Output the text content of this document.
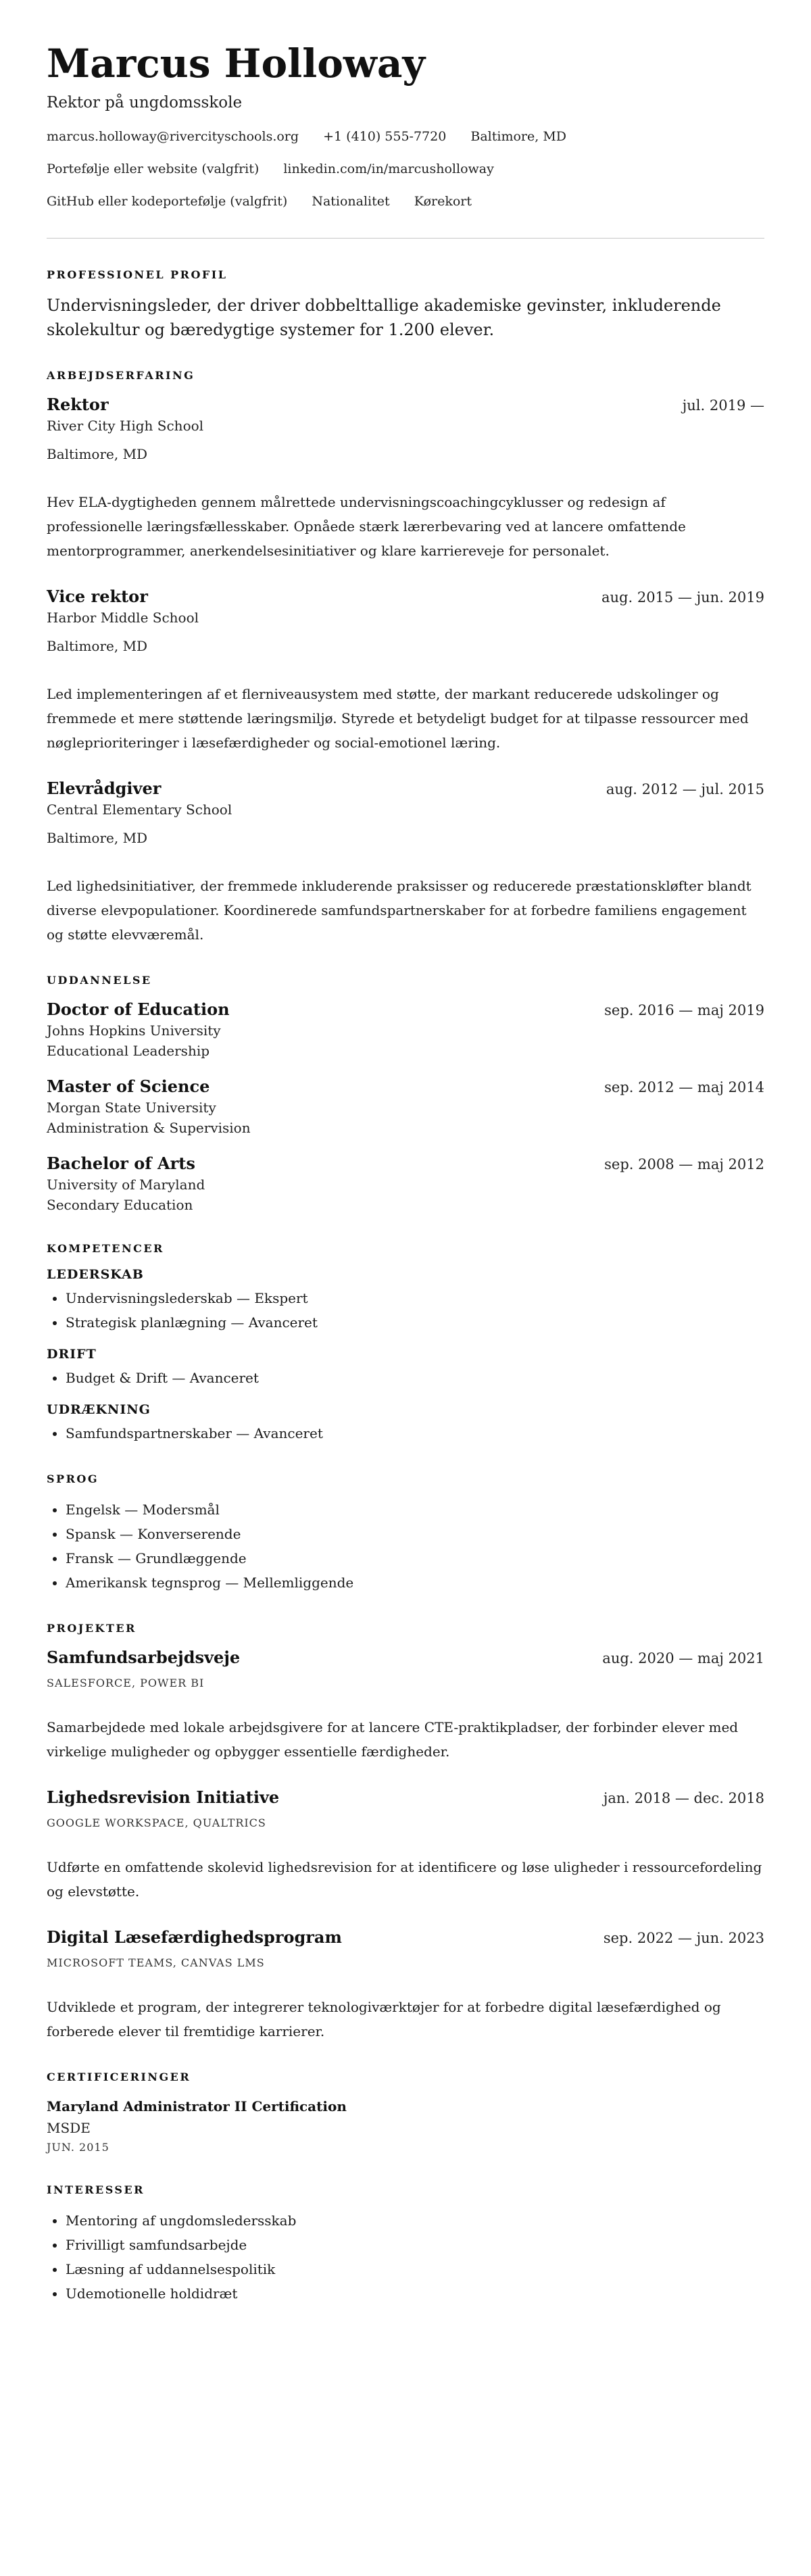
Marcus Holloway
Rektor på ungdomsskole
marcus.holloway@rivercityschools.org +1 (410) 555-7720 Baltimore, MD
Portefølje eller website (valgfrit) linkedin.com/in/marcusholloway
GitHub eller kodeportefølje (valgfrit) Nationalitet Kørekort
PROFESSIONEL PROFIL
Undervisningsleder, der driver dobbelttallige akademiske gevinster, inkluderende skolekultur og bæredygtige systemer for 1.200 elever.
ARBEJDSERFARING
Rektor	jul. 2019 —
River City High School
Baltimore, MD
Hev ELA-dygtigheden gennem målrettede undervisningscoachingcyklusser og redesign af professionelle læringsfællesskaber. Opnåede stærk lærerbevaring ved at lancere omfattende mentorprogrammer, anerkendelsesinitiativer og klare karriereveje for personalet.
Vice rektor	aug. 2015 — jun. 2019
Harbor Middle School
Baltimore, MD
Led implementeringen af et flerniveausystem med støtte, der markant reducerede udskolinger og fremmede et mere støttende læringsmiljø. Styrede et betydeligt budget for at tilpasse ressourcer med nøgleprioriteringer i læsefærdigheder og social-emotionel læring.
Elevrådgiver	aug. 2012 — jul. 2015
Central Elementary School
Baltimore, MD
Led lighedsinitiativer, der fremmede inkluderende praksisser og reducerede præstationskløfter blandt diverse elevpopulationer. Koordinerede samfundspartnerskaber for at forbedre familiens engagement og støtte elevværemål.
UDDANNELSE
Doctor of Education	sep. 2016 — maj 2019
Johns Hopkins University
Educational Leadership
Master of Science	sep. 2012 — maj 2014
Morgan State University
Administration & Supervision
Bachelor of Arts	sep. 2008 — maj 2012
University of Maryland
Secondary Education
KOMPETENCER
LEDERSKAB
• Undervisningslederskab — Ekspert
• Strategisk planlægning — Avanceret
DRIFT
• Budget & Drift — Avanceret
UDRÆKNING
• Samfundspartnerskaber — Avanceret
SPROG
• Engelsk — Modersmål
• Spansk — Konverserende
• Fransk — Grundlæggende
• Amerikansk tegnsprog — Mellemliggende
PROJEKTER
Samfundsarbejdsveje	aug. 2020 — maj 2021
SALESFORCE, POWER BI
Samarbejdede med lokale arbejdsgivere for at lancere CTE-praktikpladser, der forbinder elever med virkelige muligheder og opbygger essentielle færdigheder.
Lighedsrevision Initiative	jan. 2018 — dec. 2018
GOOGLE WORKSPACE, QUALTRICS
Udførte en omfattende skolevid lighedsrevision for at identificere og løse uligheder i ressourcefordeling og elevstøtte.
Digital Læsefærdighedsprogram	sep. 2022 — jun. 2023
MICROSOFT TEAMS, CANVAS LMS
Udviklede et program, der integrerer teknologiværktøjer for at forbedre digital læsefærdighed og forberede elever til fremtidige karrierer.
CERTIFICERINGER
Maryland Administrator II Certification
MSDE
JUN. 2015
INTERESSER
• Mentoring af ungdomsledersskab
• Frivilligt samfundsarbejde
• Læsning af uddannelsespolitik
• Udemotionelle holdidræt
